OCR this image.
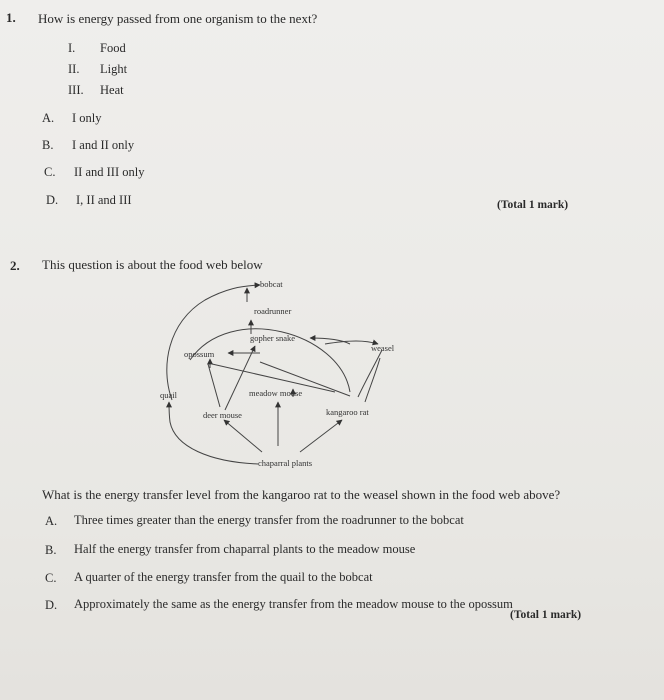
1. How is energy passed from one organism to the next?
I. Food
II. Light
III. Heat
A. I only
B. I and II only
C. II and III only
D. I, II and III	(Total 1 mark)
2. This question is about the food web below
bobcat
roadrunner
gopher snake
weasel
opossum
quail	meadow mouse
deer mouse	kangaroo rat
chaparral plants
What is the energy transfer level from the kangaroo rat to the weasel shown in the food web above?
A. Three times greater than the energy transfer from the roadrunner to the bobcat
B. Half the energy transfer from chaparral plants to the meadow mouse
C. A quarter of the energy transfer from the quail to the bobcat
D. Approximately the same as the energy transfer from the meadow mouse to the opossum
(Total 1 mark)
